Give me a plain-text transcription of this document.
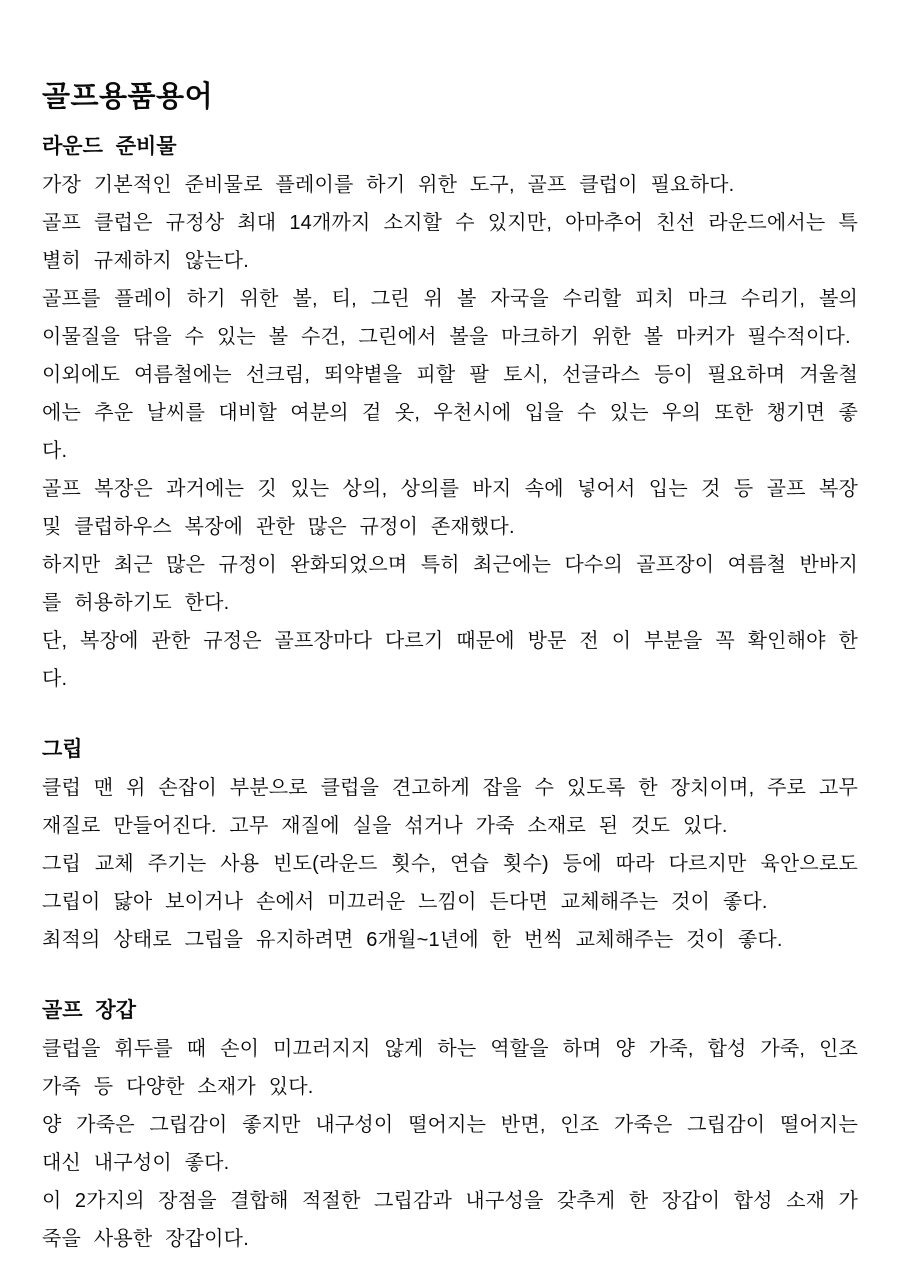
골프용품용어
라운드 준비물

가장 기본적인 준비물로 플레이를 하기 위한 도구, 골프 클럽이 필요하다.

골프 클럽은 규정상 최대 14개까지 소지할 수 있지만, 아마추어 친선 라운드에서는 특별히 규제하지 않는다.

골프를 플레이 하기 위한 볼, 티, 그린 위 볼 자국을 수리할 피치 마크 수리기, 볼의 이물질을 닦을 수 있는 볼 수건, 그린에서 볼을 마크하기 위한 볼 마커가 필수적이다.

이외에도 여름철에는 선크림, 뙤약볕을 피할 팔 토시, 선글라스 등이 필요하며 겨울철에는 추운 날씨를 대비할 여분의 겉 옷, 우천시에 입을 수 있는 우의 또한 챙기면 좋다.

골프 복장은 과거에는 깃 있는 상의, 상의를 바지 속에 넣어서 입는 것 등 골프 복장 및 클럽하우스 복장에 관한 많은 규정이 존재했다.

하지만 최근 많은 규정이 완화되었으며 특히 최근에는 다수의 골프장이 여름철 반바지를 허용하기도 한다.

단, 복장에 관한 규정은 골프장마다 다르기 때문에 방문 전 이 부분을 꼭 확인해야 한다.

그립

클럽 맨 위 손잡이 부분으로 클럽을 견고하게 잡을 수 있도록 한 장치이며, 주로 고무 재질로 만들어진다. 고무 재질에 실을 섞거나 가죽 소재로 된 것도 있다.

그립 교체 주기는 사용 빈도(라운드 횟수, 연습 횟수) 등에 따라 다르지만 육안으로도 그립이 닳아 보이거나 손에서 미끄러운 느낌이 든다면 교체해주는 것이 좋다.

최적의 상태로 그립을 유지하려면 6개월~1년에 한 번씩 교체해주는 것이 좋다.

골프 장갑

클럽을 휘두를 때 손이 미끄러지지 않게 하는 역할을 하며 양 가죽, 합성 가죽, 인조 가죽 등 다양한 소재가 있다.

양 가죽은 그립감이 좋지만 내구성이 떨어지는 반면, 인조 가죽은 그립감이 떨어지는 대신 내구성이 좋다.

이 2가지의 장점을 결합해 적절한 그립감과 내구성을 갖추게 한 장갑이 합성 소재 가죽을 사용한 장갑이다.
